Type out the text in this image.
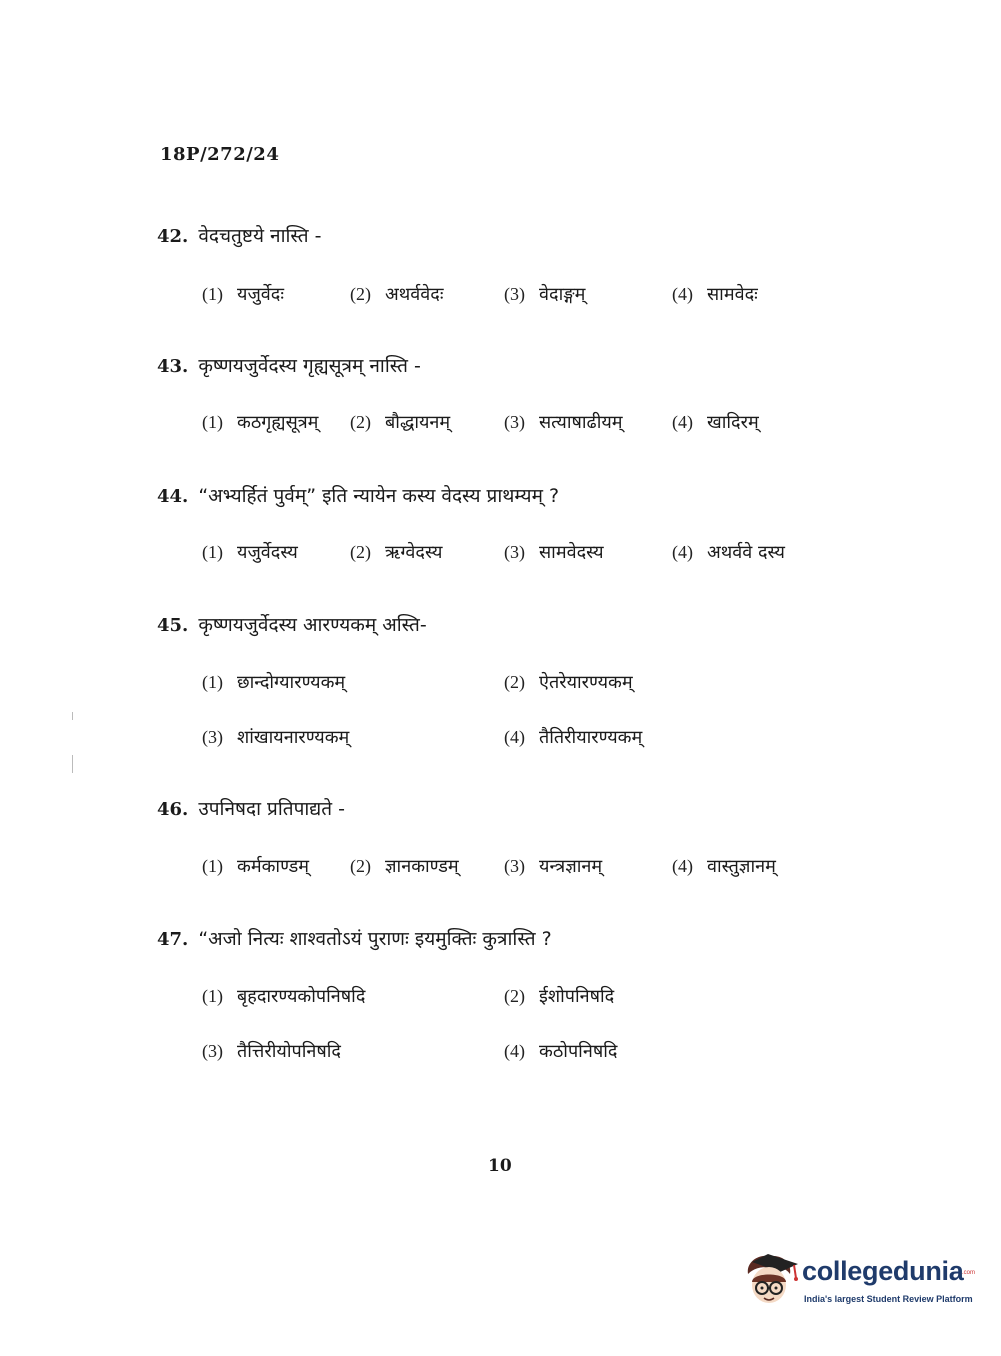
18P/272/24
42. वेदचतुष्टये नास्ति -
(1) यजुर्वेदः	(2) अथर्ववेदः	(3) वेदाङ्गम्	(4) सामवेदः
43. कृष्णयजुर्वेदस्य गृह्यसूत्रम् नास्ति -
(1) कठगृह्यसूत्रम् (2) बौद्धायनम्	(3) सत्याषाढीयम्	(4) खादिरम्
44. “अभ्यर्हितं पुर्वम्” इति न्यायेन कस्य वेदस्य प्राथम्यम् ?
(1) यजुर्वेदस्य	(2) ऋग्वेदस्य	(3) सामवेदस्य	(4) अथर्ववे दस्य
45. कृष्णयजुर्वेदस्य आरण्यकम् अस्ति-
(1) छान्दोग्यारण्यकम्	(2) ऐतरेयारण्यकम्
(3) शांखायनारण्यकम्	(4) तैतिरीयारण्यकम्
46. उपनिषदा प्रतिपाद्यते -
(1) कर्मकाण्डम् (2) ज्ञानकाण्डम्	(3) यन्त्रज्ञानम्	(4) वास्तुज्ञानम्
47. “अजो नित्यः शाश्वतोऽयं पुराणः इयमुक्तिः कुत्रास्ति ?
(1) बृहदारण्यकोपनिषदि	(2) ईशोपनिषदि
(3) तैत्तिरीयोपनिषदि	(4) कठोपनिषदि
10
collegedunia
.com
India's largest Student Review Platform
